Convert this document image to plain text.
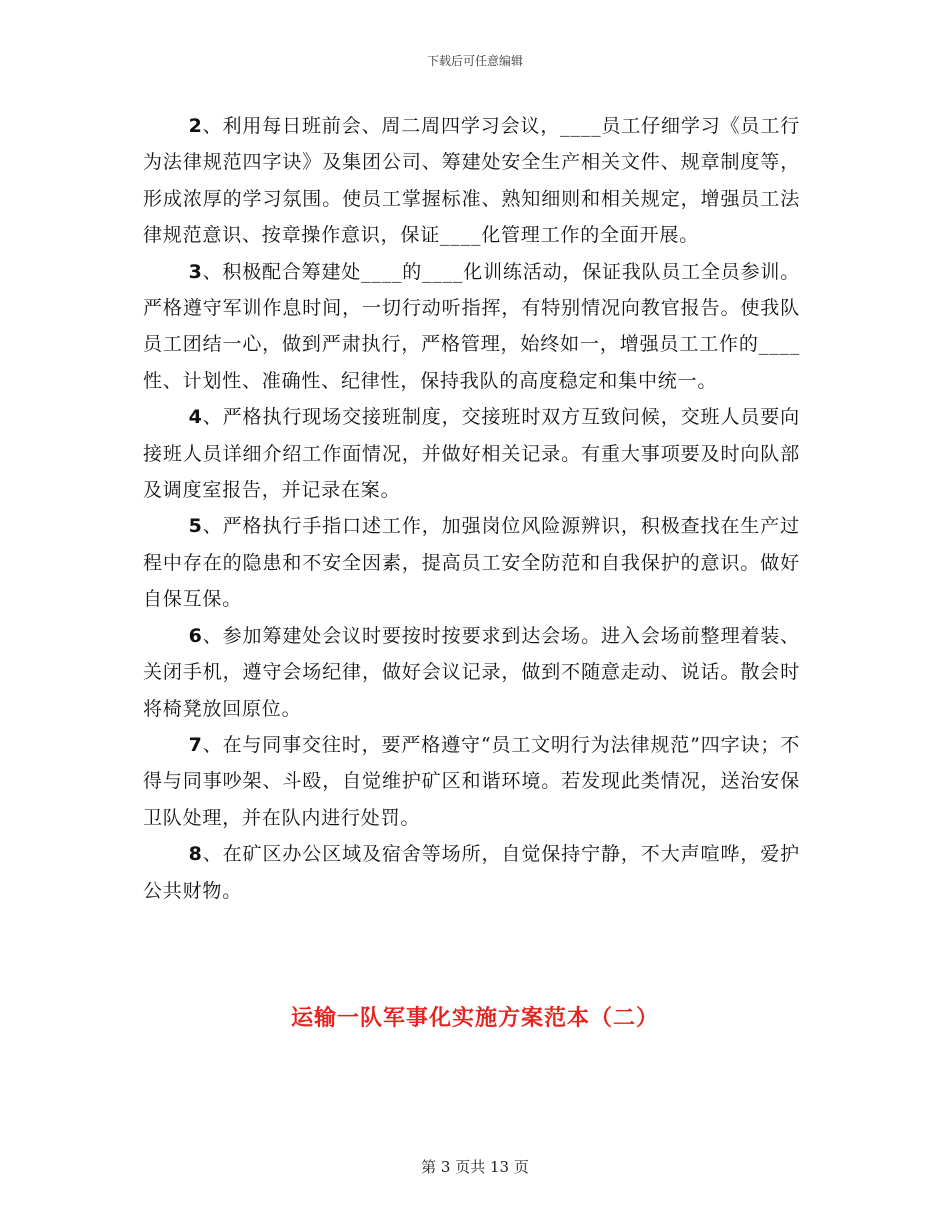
下载后可任意编辑

2、利用每日班前会、周二周四学习会议，____员工仔细学习《员工行为法律规范四字诀》及集团公司、筹建处安全生产相关文件、规章制度等，形成浓厚的学习氛围。使员工掌握标准、熟知细则和相关规定，增强员工法律规范意识、按章操作意识，保证____化管理工作的全面开展。

3、积极配合筹建处____的____化训练活动，保证我队员工全员参训。严格遵守军训作息时间，一切行动听指挥，有特别情况向教官报告。使我队员工团结一心，做到严肃执行，严格管理，始终如一，增强员工工作的____性、计划性、准确性、纪律性，保持我队的高度稳定和集中统一。

4、严格执行现场交接班制度，交接班时双方互致问候，交班人员要向接班人员详细介绍工作面情况，并做好相关记录。有重大事项要及时向队部及调度室报告，并记录在案。

5、严格执行手指口述工作，加强岗位风险源辨识，积极查找在生产过程中存在的隐患和不安全因素，提高员工安全防范和自我保护的意识。做好自保互保。

6、参加筹建处会议时要按时按要求到达会场。进入会场前整理着装、关闭手机，遵守会场纪律，做好会议记录，做到不随意走动、说话。散会时将椅凳放回原位。

7、在与同事交往时，要严格遵守“员工文明行为法律规范”四字诀；不得与同事吵架、斗殴，自觉维护矿区和谐环境。若发现此类情况，送治安保卫队处理，并在队内进行处罚。

8、在矿区办公区域及宿舍等场所，自觉保持宁静，不大声喧哗，爱护公共财物。

运输一队军事化实施方案范本（二）
第 3 页共 13 页
